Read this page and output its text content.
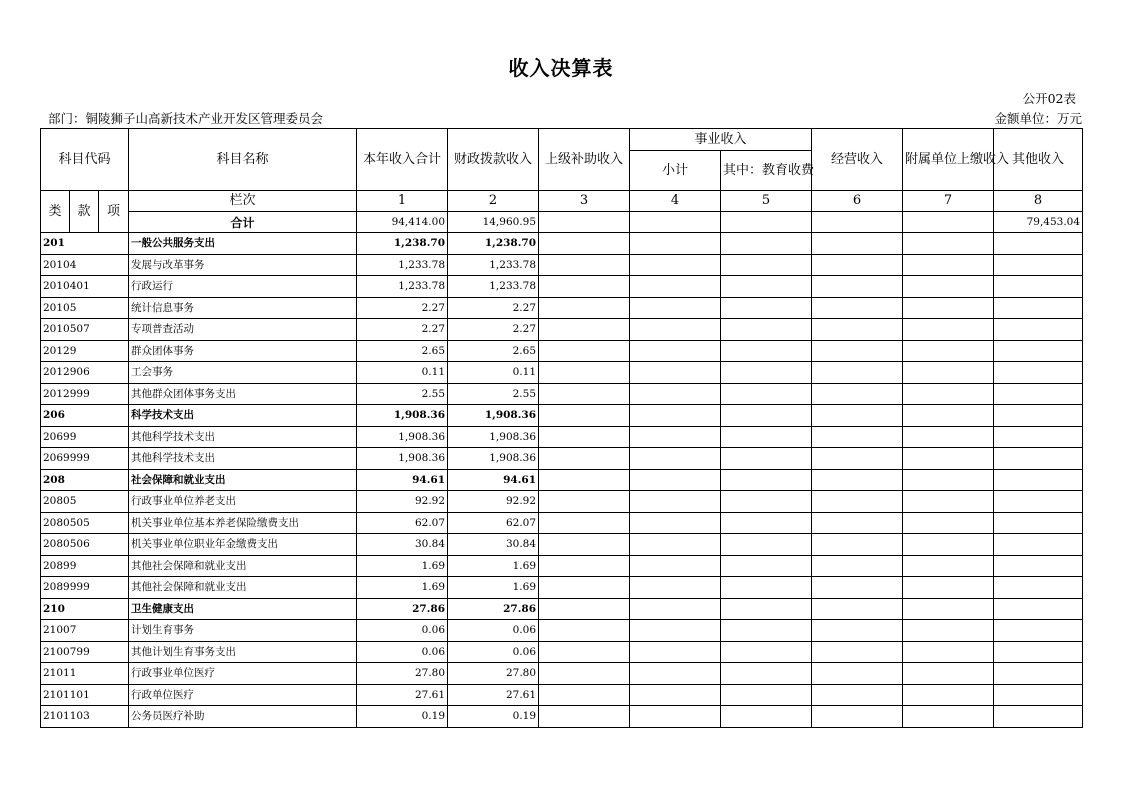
收入决算表
公开02表
部门：铜陵狮子山高新技术产业开发区管理委员会	金额单位：万元
科目代码			科目名称	本年收入合计	财政拨款收入	上级补助收入	事业收入		经营收入	附属单位上缴收入	其他收入
							小计	其中：教育收费			
类	款	项	栏次	1	2	3	4	5	6	7	8
			合计	94,414.00	14,960.95						79,453.04
201			一般公共服务支出	1,238.70	1,238.70						
20104			发展与改革事务	1,233.78	1,233.78						
2010401			行政运行	1,233.78	1,233.78						
20105			统计信息事务	2.27	2.27						
2010507			专项普查活动	2.27	2.27						
20129			群众团体事务	2.65	2.65						
2012906			工会事务	0.11	0.11						
2012999			其他群众团体事务支出	2.55	2.55						
206			科学技术支出	1,908.36	1,908.36						
20699			其他科学技术支出	1,908.36	1,908.36						
2069999			其他科学技术支出	1,908.36	1,908.36						
208			社会保障和就业支出	94.61	94.61						
20805			行政事业单位养老支出	92.92	92.92						
2080505			机关事业单位基本养老保险缴费支出	62.07	62.07						
2080506			机关事业单位职业年金缴费支出	30.84	30.84						
20899			其他社会保障和就业支出	1.69	1.69						
2089999			其他社会保障和就业支出	1.69	1.69						
210			卫生健康支出	27.86	27.86						
21007			计划生育事务	0.06	0.06						
2100799			其他计划生育事务支出	0.06	0.06						
21011			行政事业单位医疗	27.80	27.80						
2101101			行政单位医疗	27.61	27.61						
2101103			公务员医疗补助	0.19	0.19						
